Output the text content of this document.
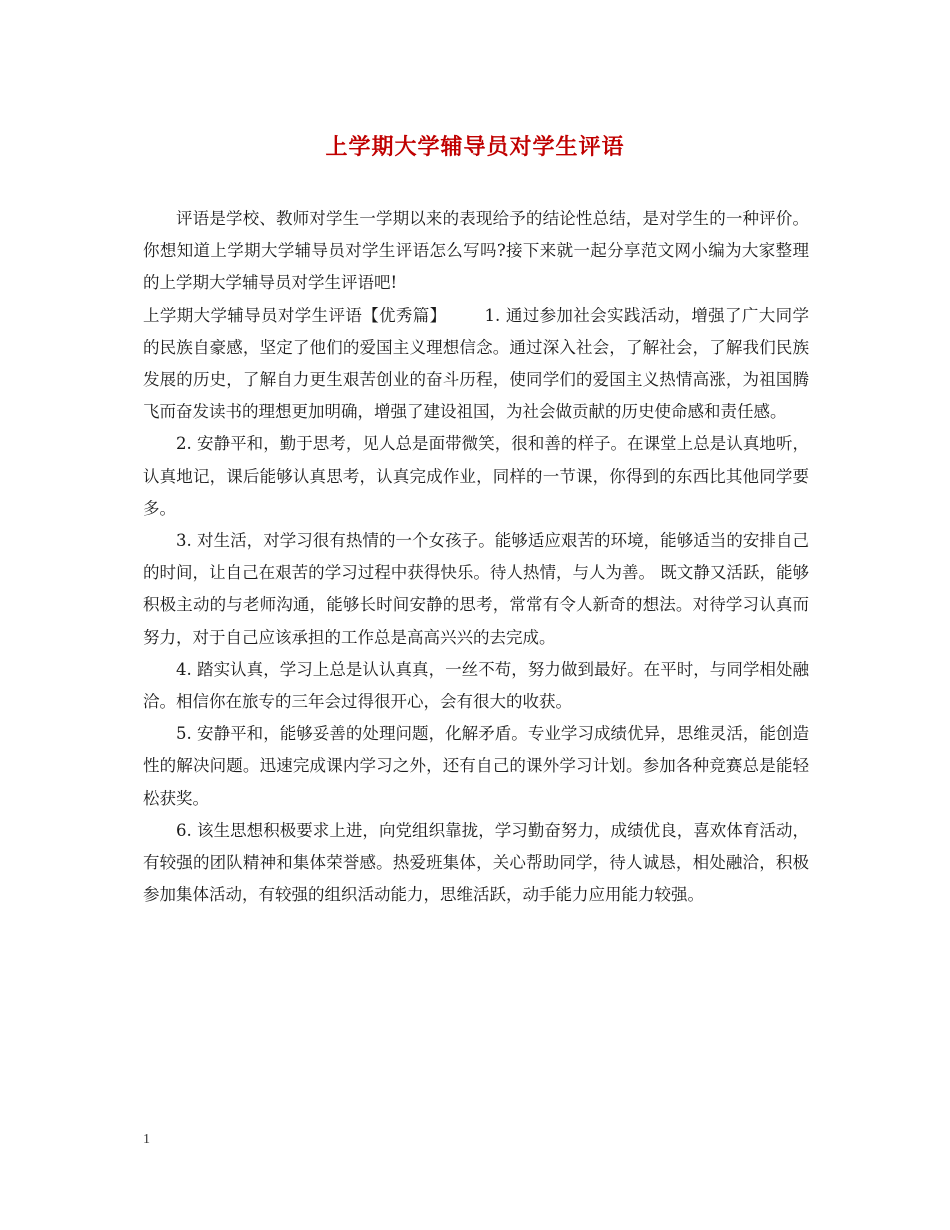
上学期大学辅导员对学生评语

评语是学校、教师对学生一学期以来的表现给予的结论性总结，是对学生的一种评价。你想知道上学期大学辅导员对学生评语怎么写吗?接下来就一起分享范文网小编为大家整理的上学期大学辅导员对学生评语吧!

上学期大学辅导员对学生评语【优秀篇】 1. 通过参加社会实践活动，增强了广大同学的民族自豪感，坚定了他们的爱国主义理想信念。通过深入社会，了解社会，了解我们民族发展的历史，了解自力更生艰苦创业的奋斗历程，使同学们的爱国主义热情高涨，为祖国腾飞而奋发读书的理想更加明确，增强了建设祖国，为社会做贡献的历史使命感和责任感。

2. 安静平和，勤于思考，见人总是面带微笑，很和善的样子。在课堂上总是认真地听，认真地记，课后能够认真思考，认真完成作业，同样的一节课，你得到的东西比其他同学要多。

3. 对生活，对学习很有热情的一个女孩子。能够适应艰苦的环境，能够适当的安排自己的时间，让自己在艰苦的学习过程中获得快乐。待人热情，与人为善。 既文静又活跃，能够积极主动的与老师沟通，能够长时间安静的思考，常常有令人新奇的想法。对待学习认真而努力，对于自己应该承担的工作总是高高兴兴的去完成。

4. 踏实认真，学习上总是认认真真，一丝不苟，努力做到最好。在平时，与同学相处融洽。相信你在旅专的三年会过得很开心，会有很大的收获。

5. 安静平和，能够妥善的处理问题，化解矛盾。专业学习成绩优异，思维灵活，能创造性的解决问题。迅速完成课内学习之外，还有自己的课外学习计划。参加各种竞赛总是能轻松获奖。

6. 该生思想积极要求上进，向党组织靠拢，学习勤奋努力，成绩优良，喜欢体育活动，有较强的团队精神和集体荣誉感。热爱班集体，关心帮助同学，待人诚恳，相处融洽，积极参加集体活动，有较强的组织活动能力，思维活跃，动手能力应用能力较强。

1
